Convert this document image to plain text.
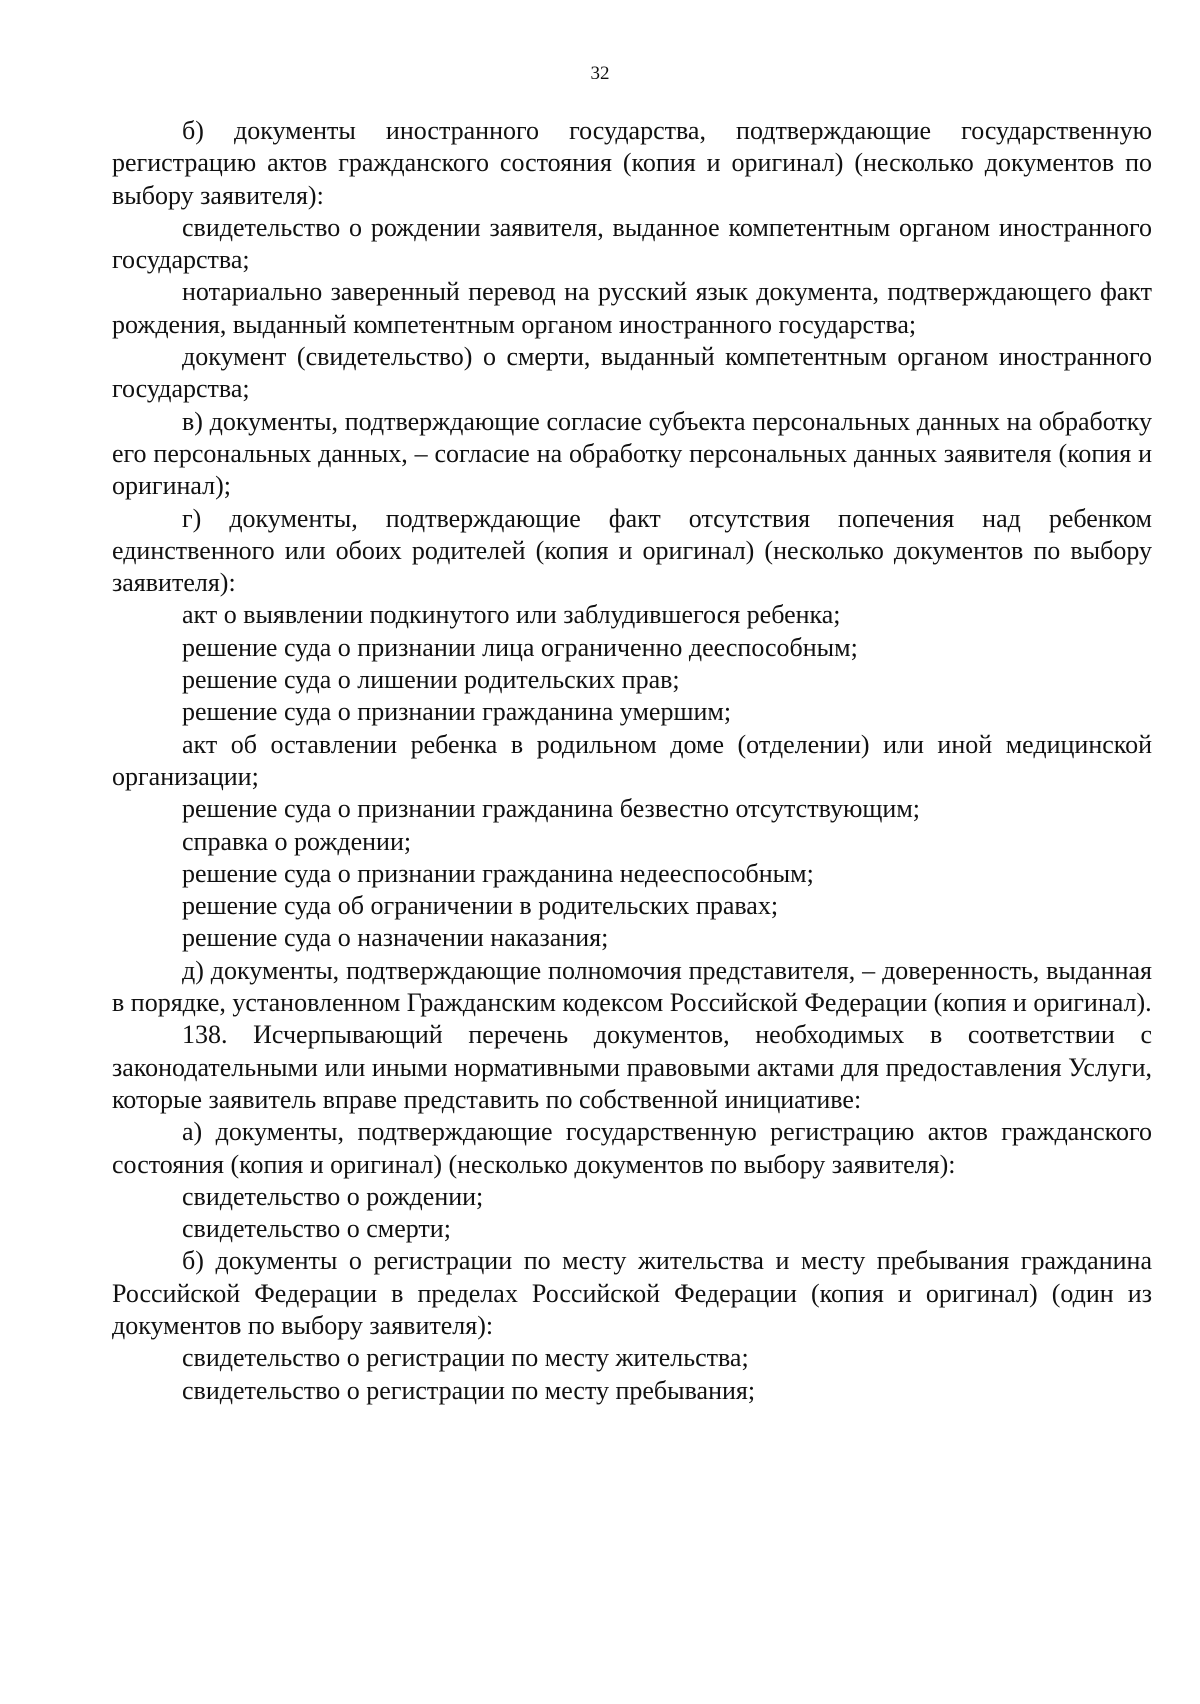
32

б) документы иностранного государства, подтверждающие государственную регистрацию актов гражданского состояния (копия и оригинал) (несколько документов по выбору заявителя):

свидетельство о рождении заявителя, выданное компетентным органом иностранного государства;

нотариально заверенный перевод на русский язык документа, подтверждающего факт рождения, выданный компетентным органом иностранного государства;

документ (свидетельство) о смерти, выданный компетентным органом иностранного государства;

в) документы, подтверждающие согласие субъекта персональных данных на обработку его персональных данных, – согласие на обработку персональных данных заявителя (копия и оригинал);

г) документы, подтверждающие факт отсутствия попечения над ребенком единственного или обоих родителей (копия и оригинал) (несколько документов по выбору заявителя):

акт о выявлении подкинутого или заблудившегося ребенка;

решение суда о признании лица ограниченно дееспособным;

решение суда о лишении родительских прав;

решение суда о признании гражданина умершим;

акт об оставлении ребенка в родильном доме (отделении) или иной медицинской организации;

решение суда о признании гражданина безвестно отсутствующим;

справка о рождении;

решение суда о признании гражданина недееспособным;

решение суда об ограничении в родительских правах;

решение суда о назначении наказания;

д) документы, подтверждающие полномочия представителя, – доверенность, выданная в порядке, установленном Гражданским кодексом Российской Федерации (копия и оригинал).

138. Исчерпывающий перечень документов, необходимых в соответствии с законодательными или иными нормативными правовыми актами для предоставления Услуги, которые заявитель вправе представить по собственной инициативе:

а) документы, подтверждающие государственную регистрацию актов гражданского состояния (копия и оригинал) (несколько документов по выбору заявителя):

свидетельство о рождении;

свидетельство о смерти;

б) документы о регистрации по месту жительства и месту пребывания гражданина Российской Федерации в пределах Российской Федерации (копия и оригинал) (один из документов по выбору заявителя):

свидетельство о регистрации по месту жительства;

свидетельство о регистрации по месту пребывания;
